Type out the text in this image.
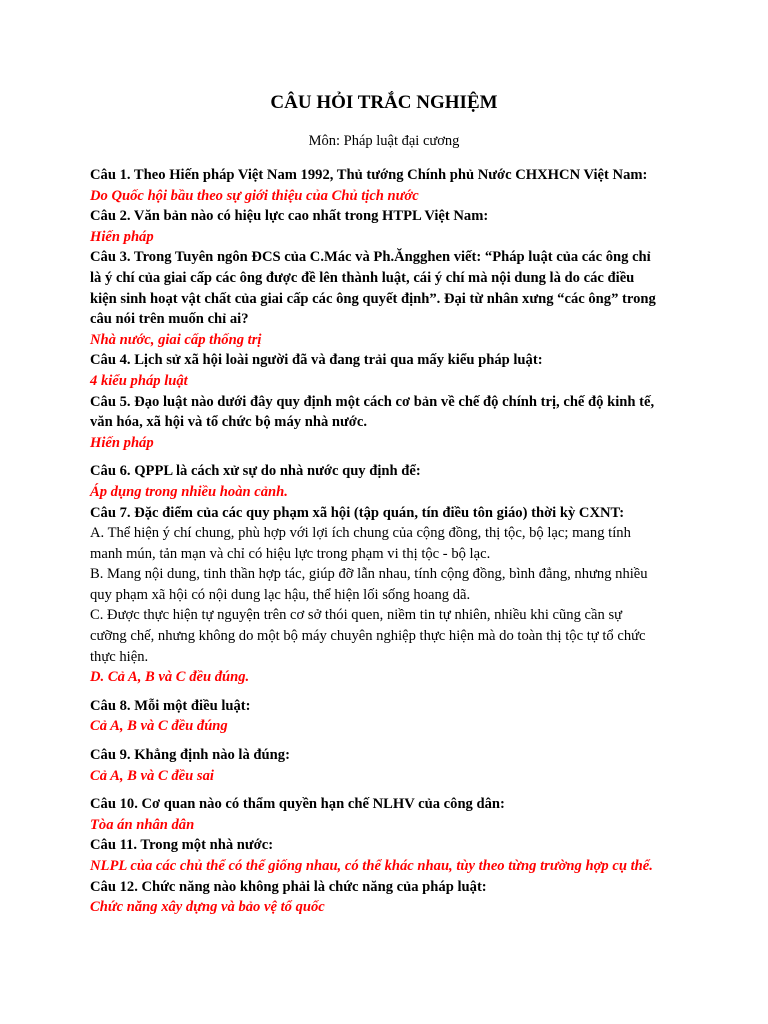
CÂU HỎI TRẮC NGHIỆM
Môn: Pháp luật đại cương
Câu 1. Theo Hiến pháp Việt Nam 1992, Thủ tướng Chính phủ Nước CHXHCN Việt Nam:
Do Quốc hội bầu theo sự giới thiệu của Chủ tịch nước
Câu 2. Văn bản nào có hiệu lực cao nhất trong HTPL Việt Nam:
Hiến pháp
Câu 3. Trong Tuyên ngôn ĐCS của C.Mác và Ph.Ăngghen viết: “Pháp luật của các ông chỉ
là ý chí của giai cấp các ông được đề lên thành luật, cái ý chí mà nội dung là do các điều
kiện sinh hoạt vật chất của giai cấp các ông quyết định”. Đại từ nhân xưng “các ông” trong
câu nói trên muốn chỉ ai?
Nhà nước, giai cấp thống trị
Câu 4. Lịch sử xã hội loài người đã và đang trải qua mấy kiểu pháp luật:
4 kiểu pháp luật
Câu 5. Đạo luật nào dưới đây quy định một cách cơ bản về chế độ chính trị, chế độ kinh tế,
văn hóa, xã hội và tổ chức bộ máy nhà nước.
Hiến pháp
Câu 6. QPPL là cách xử sự do nhà nước quy định để:
Áp dụng trong nhiều hoàn cảnh.
Câu 7. Đặc điểm của các quy phạm xã hội (tập quán, tín điều tôn giáo) thời kỳ CXNT:
A. Thể hiện ý chí chung, phù hợp với lợi ích chung của cộng đồng, thị tộc, bộ lạc; mang tính
manh mún, tản mạn và chỉ có hiệu lực trong phạm vi thị tộc - bộ lạc.
B. Mang nội dung, tinh thần hợp tác, giúp đỡ lẫn nhau, tính cộng đồng, bình đẳng, nhưng nhiều
quy phạm xã hội có nội dung lạc hậu, thể hiện lối sống hoang dã.
C. Được thực hiện tự nguyện trên cơ sở thói quen, niềm tin tự nhiên, nhiều khi cũng cần sự
cưỡng chế, nhưng không do một bộ máy chuyên nghiệp thực hiện mà do toàn thị tộc tự tổ chức
thực hiện.
D. Cả A, B và C đều đúng.
Câu 8. Mỗi một điều luật:
Cả A, B và C đều đúng
Câu 9. Khẳng định nào là đúng:
Cả A, B và C đều sai
Câu 10. Cơ quan nào có thẩm quyền hạn chế NLHV của công dân:
Tòa án nhân dân
Câu 11. Trong một nhà nước:
NLPL của các chủ thể có thể giống nhau, có thể khác nhau, tùy theo từng trường hợp cụ thể.
Câu 12. Chức năng nào không phải là chức năng của pháp luật:
Chức năng xây dựng và bảo vệ tổ quốc
